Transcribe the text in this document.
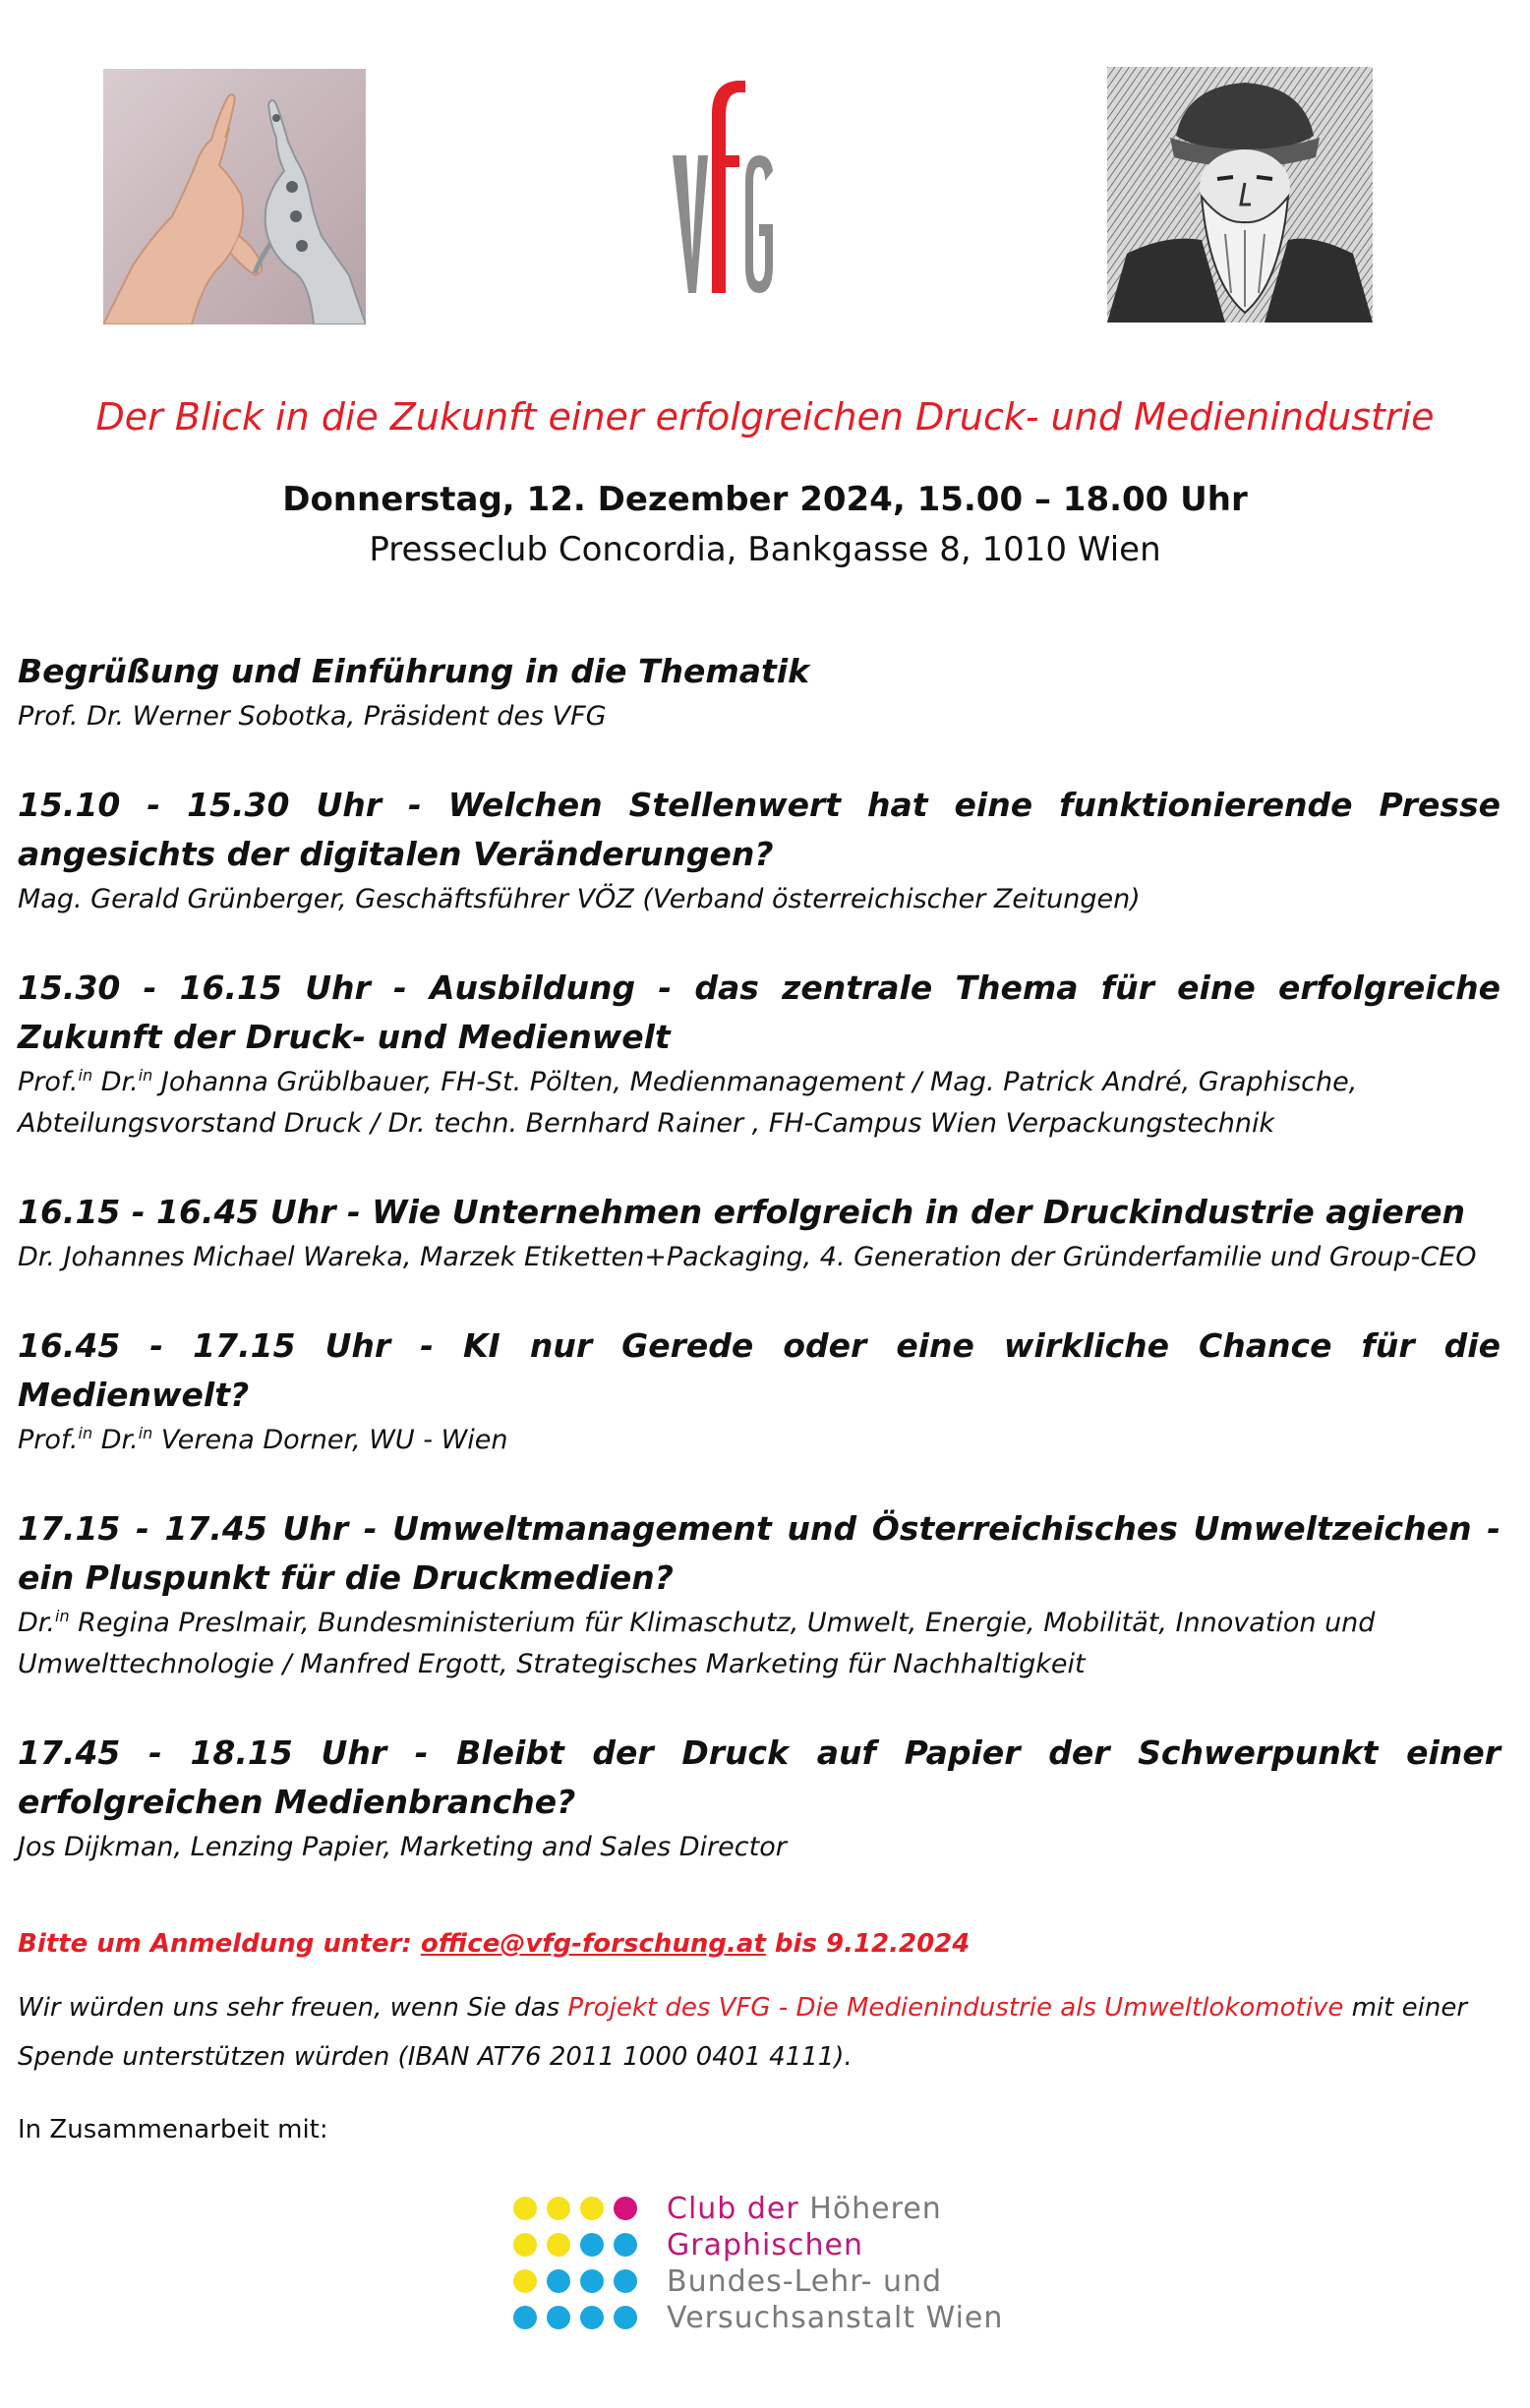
Der Blick in die Zukunft einer erfolgreichen Druck- und Medienindustrie
Donnerstag, 12. Dezember 2024, 15.00 – 18.00 Uhr
Presseclub Concordia, Bankgasse 8, 1010 Wien
Begrüßung und Einführung in die Thematik
Prof. Dr. Werner Sobotka, Präsident des VFG
15.10 - 15.30 Uhr - Welchen Stellenwert hat eine funktionierende Presse angesichts der digitalen Veränderungen?
Mag. Gerald Grünberger, Geschäftsführer VÖZ (Verband österreichischer Zeitungen)
15.30 - 16.15 Uhr - Ausbildung - das zentrale Thema für eine erfolgreiche Zukunft der Druck- und Medienwelt
Prof.$^{in}$ Dr.$^{in}$ Johanna Grüblbauer, FH-St. Pölten, Medienmanagement / Mag. Patrick André, Graphische, Abteilungsvorstand Druck / Dr. techn. Bernhard Rainer , FH-Campus Wien Verpackungstechnik
16.15 - 16.45 Uhr - Wie Unternehmen erfolgreich in der Druckindustrie agieren
Dr. Johannes Michael Wareka, Marzek Etiketten+Packaging, 4. Generation der Gründerfamilie und Group-CEO
16.45 - 17.15 Uhr - KI nur Gerede oder eine wirkliche Chance für die Medienwelt?
Prof.$^{in}$ Dr.$^{in}$ Verena Dorner, WU - Wien
17.15 - 17.45 Uhr - Umweltmanagement und Österreichisches Umweltzeichen - ein Pluspunkt für die Druckmedien?
Dr.$^{in}$ Regina Preslmair, Bundesministerium für Klimaschutz, Umwelt, Energie, Mobilität, Innovation und Umwelttechnologie / Manfred Ergott, Strategisches Marketing für Nachhaltigkeit
17.45 - 18.15 Uhr - Bleibt der Druck auf Papier der Schwerpunkt einer erfolgreichen Medienbranche?
Jos Dijkman, Lenzing Papier, Marketing and Sales Director
Bitte um Anmeldung unter: office@vfg-forschung.at bis 9.12.2024
Wir würden uns sehr freuen, wenn Sie das Projekt des VFG - Die Medienindustrie als Umweltlokomotive mit einer Spende unterstützen würden (IBAN AT76 2011 1000 0401 4111).
In Zusammenarbeit mit:
Club der Höheren
Graphischen
Bundes-Lehr- und
Versuchsanstalt Wien
